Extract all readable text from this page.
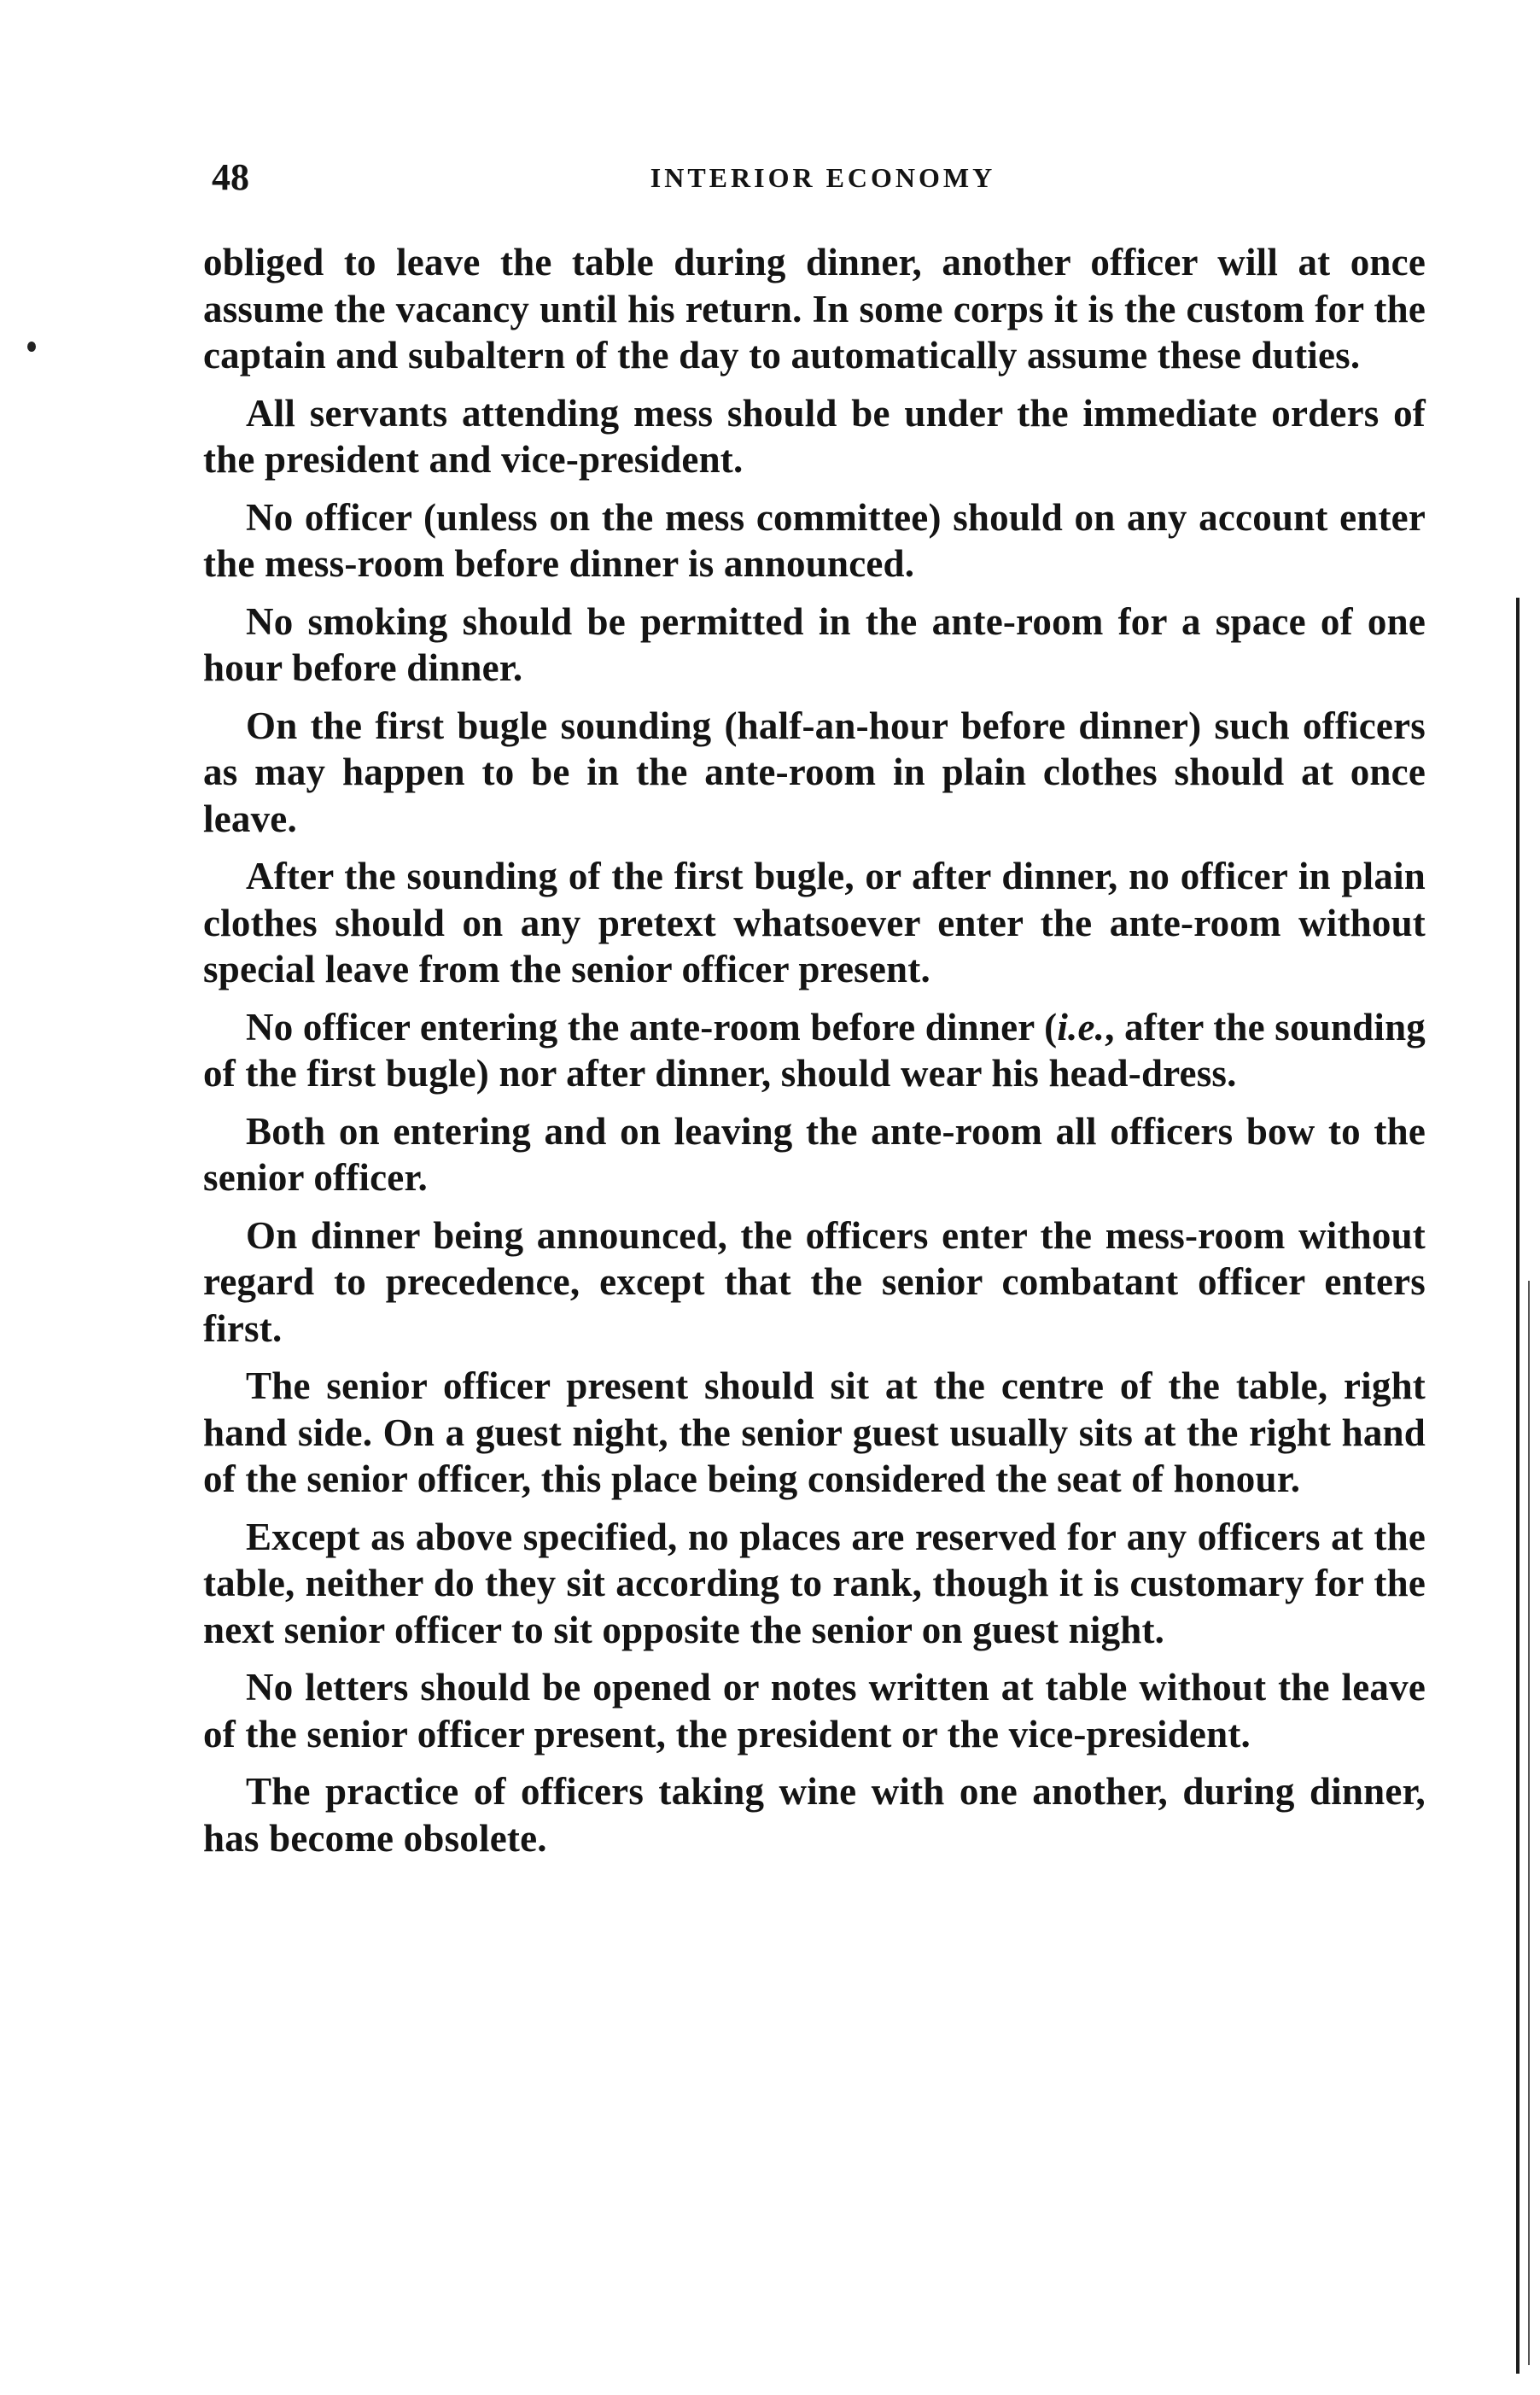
48	INTERIOR ECONOMY

obliged to leave the table during dinner, another officer will at once assume the vacancy until his return. In some corps it is the custom for the captain and subaltern of the day to automatically assume these duties.

All servants attending mess should be under the immediate orders of the president and vice-president.

No officer (unless on the mess committee) should on any account enter the mess-room before dinner is announced.

No smoking should be permitted in the ante-room for a space of one hour before dinner.

On the first bugle sounding (half-an-hour before dinner) such officers as may happen to be in the ante-room in plain clothes should at once leave.

After the sounding of the first bugle, or after dinner, no officer in plain clothes should on any pretext whatsoever enter the ante-room without special leave from the senior officer present.

No officer entering the ante-room before dinner (i.e., after the sounding of the first bugle) nor after dinner, should wear his head-dress.

Both on entering and on leaving the ante-room all officers bow to the senior officer.

On dinner being announced, the officers enter the mess-room without regard to precedence, except that the senior combatant officer enters first.

The senior officer present should sit at the centre of the table, right hand side. On a guest night, the senior guest usually sits at the right hand of the senior officer, this place being considered the seat of honour.

Except as above specified, no places are reserved for any officers at the table, neither do they sit according to rank, though it is customary for the next senior officer to sit opposite the senior on guest night.

No letters should be opened or notes written at table without the leave of the senior officer present, the president or the vice-president.

The practice of officers taking wine with one another, during dinner, has become obsolete.
